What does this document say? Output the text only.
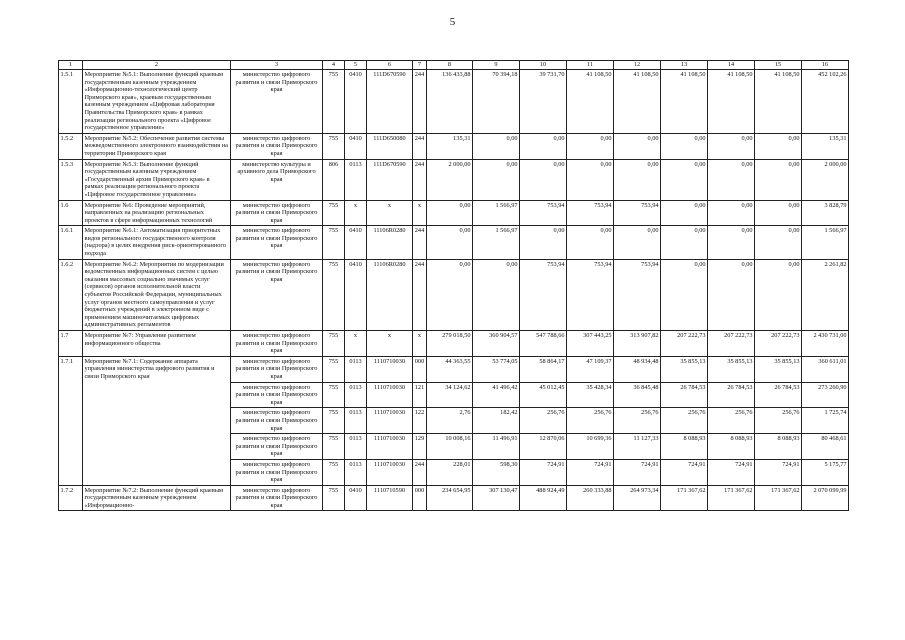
5
1	2	3	4	5	6	7	8	9	10	11	12	13	14	15	16
1.5.1	Мероприятие №5.1: Выполнение функций краевым государственным казенным учреждением «Информационно-технологический центр Приморского края», краевым государственным казенным учреждением «Цифровая лаборатория Правительства Приморского края» в рамках реализации регионального проекта «Цифровое государственное управление»	министерство цифрового развития и связи Приморского края	755	0410	111D670590	244	136 433,88	70 394,18	39 731,70	41 108,50	41 108,50	41 108,50	41 108,50	41 108,50	452 102,26
1.5.2	Мероприятие №5.2: Обеспечение развития системы межведомственного электронного взаимодействия на территории Приморского края	министерство цифрового развития и связи Приморского края	755	0410	111D650080	244	135,31	0,00	0,00	0,00	0,00	0,00	0,00	0,00	135,31
1.5.3	Мероприятие №5.3: Выполнение функций государственным казенным учреждением «Государственный архив Приморского края» в рамках реализации регионального проекта «Цифровое государственное управление»	министерство культуры и архивного дела Приморского края	806	0113	111D670590	244	2 000,00	0,00	0,00	0,00	0,00	0,00	0,00	0,00	2 000,00
1.6	Мероприятие №6: Проведение мероприятий, направленных на реализацию региональных проектов в сфере информационных технологий	министерство цифрового развития и связи Приморского края	755	x	x	x	0,00	1 566,97	753,94	753,94	753,94	0,00	0,00	0,00	3 828,79
1.6.1	Мероприятие №6.1: Автоматизация приоритетных видов регионального государственного контроля (надзора) в целях внедрения риск-ориентированного подхода	министерство цифрового развития и связи Приморского края	755	0410	11106R0280	244	0,00	1 566,97	0,00	0,00	0,00	0,00	0,00	0,00	1 566,97
1.6.2	Мероприятие №6.2: Мероприятия по модернизации ведомственных информационных систем с целью оказания массовых социально значимых услуг (сервисов) органов исполнительной власти субъектов Российской Федерации, муниципальных услуг органов местного самоуправления и услуг бюджетных учреждений в электронном виде с применением машиночитаемых цифровых административных регламентов	министерство цифрового развития и связи Приморского края	755	0410	11106R0280	244	0,00	0,00	753,94	753,94	753,94	0,00	0,00	0,00	2 261,82
1.7	Мероприятие №7: Управление развитием информационного общества	министерство цифрового развития и связи Приморского края	755	x	x	x	279 018,50	360 904,57	547 788,66	307 443,25	313 907,82	207 222,73	207 222,73	207 222,73	2 430 731,00
1.7.1	Мероприятие №7.1: Содержание аппарата управления министерства цифрового развития и связи Приморского края	министерство цифрового развития и связи Приморского края	755	0113	1110710030	000	44 363,55	53 774,05	58 864,17	47 109,37	48 934,48	35 855,13	35 855,13	35 855,13	360 611,01
		министерство цифрового развития и связи Приморского края	755	0113	1110710030	121	34 124,62	41 496,42	45 012,45	35 428,34	36 845,48	26 784,53	26 784,53	26 784,53	273 260,90
		министерство цифрового развития и связи Приморского края	755	0113	1110710030	122	2,76	182,42	256,76	256,76	256,76	256,76	256,76	256,76	1 725,74
		министерство цифрового развития и связи Приморского края	755	0113	1110710030	129	10 008,16	11 496,91	12 870,06	10 699,36	11 127,33	8 088,93	8 088,93	8 088,93	80 468,61
		министерство цифрового развития и связи Приморского края	755	0113	1110710030	244	228,01	598,30	724,91	724,91	724,91	724,91	724,91	724,91	5 175,77
1.7.2	Мероприятие №7.2: Выполнение функций краевым государственным казенным учреждением «Информационно-	министерство цифрового развития и связи Приморского края	755	0410	1110710590	000	234 654,95	307 130,47	488 924,49	260 333,88	264 973,34	171 367,62	171 367,62	171 367,62	2 070 099,99
